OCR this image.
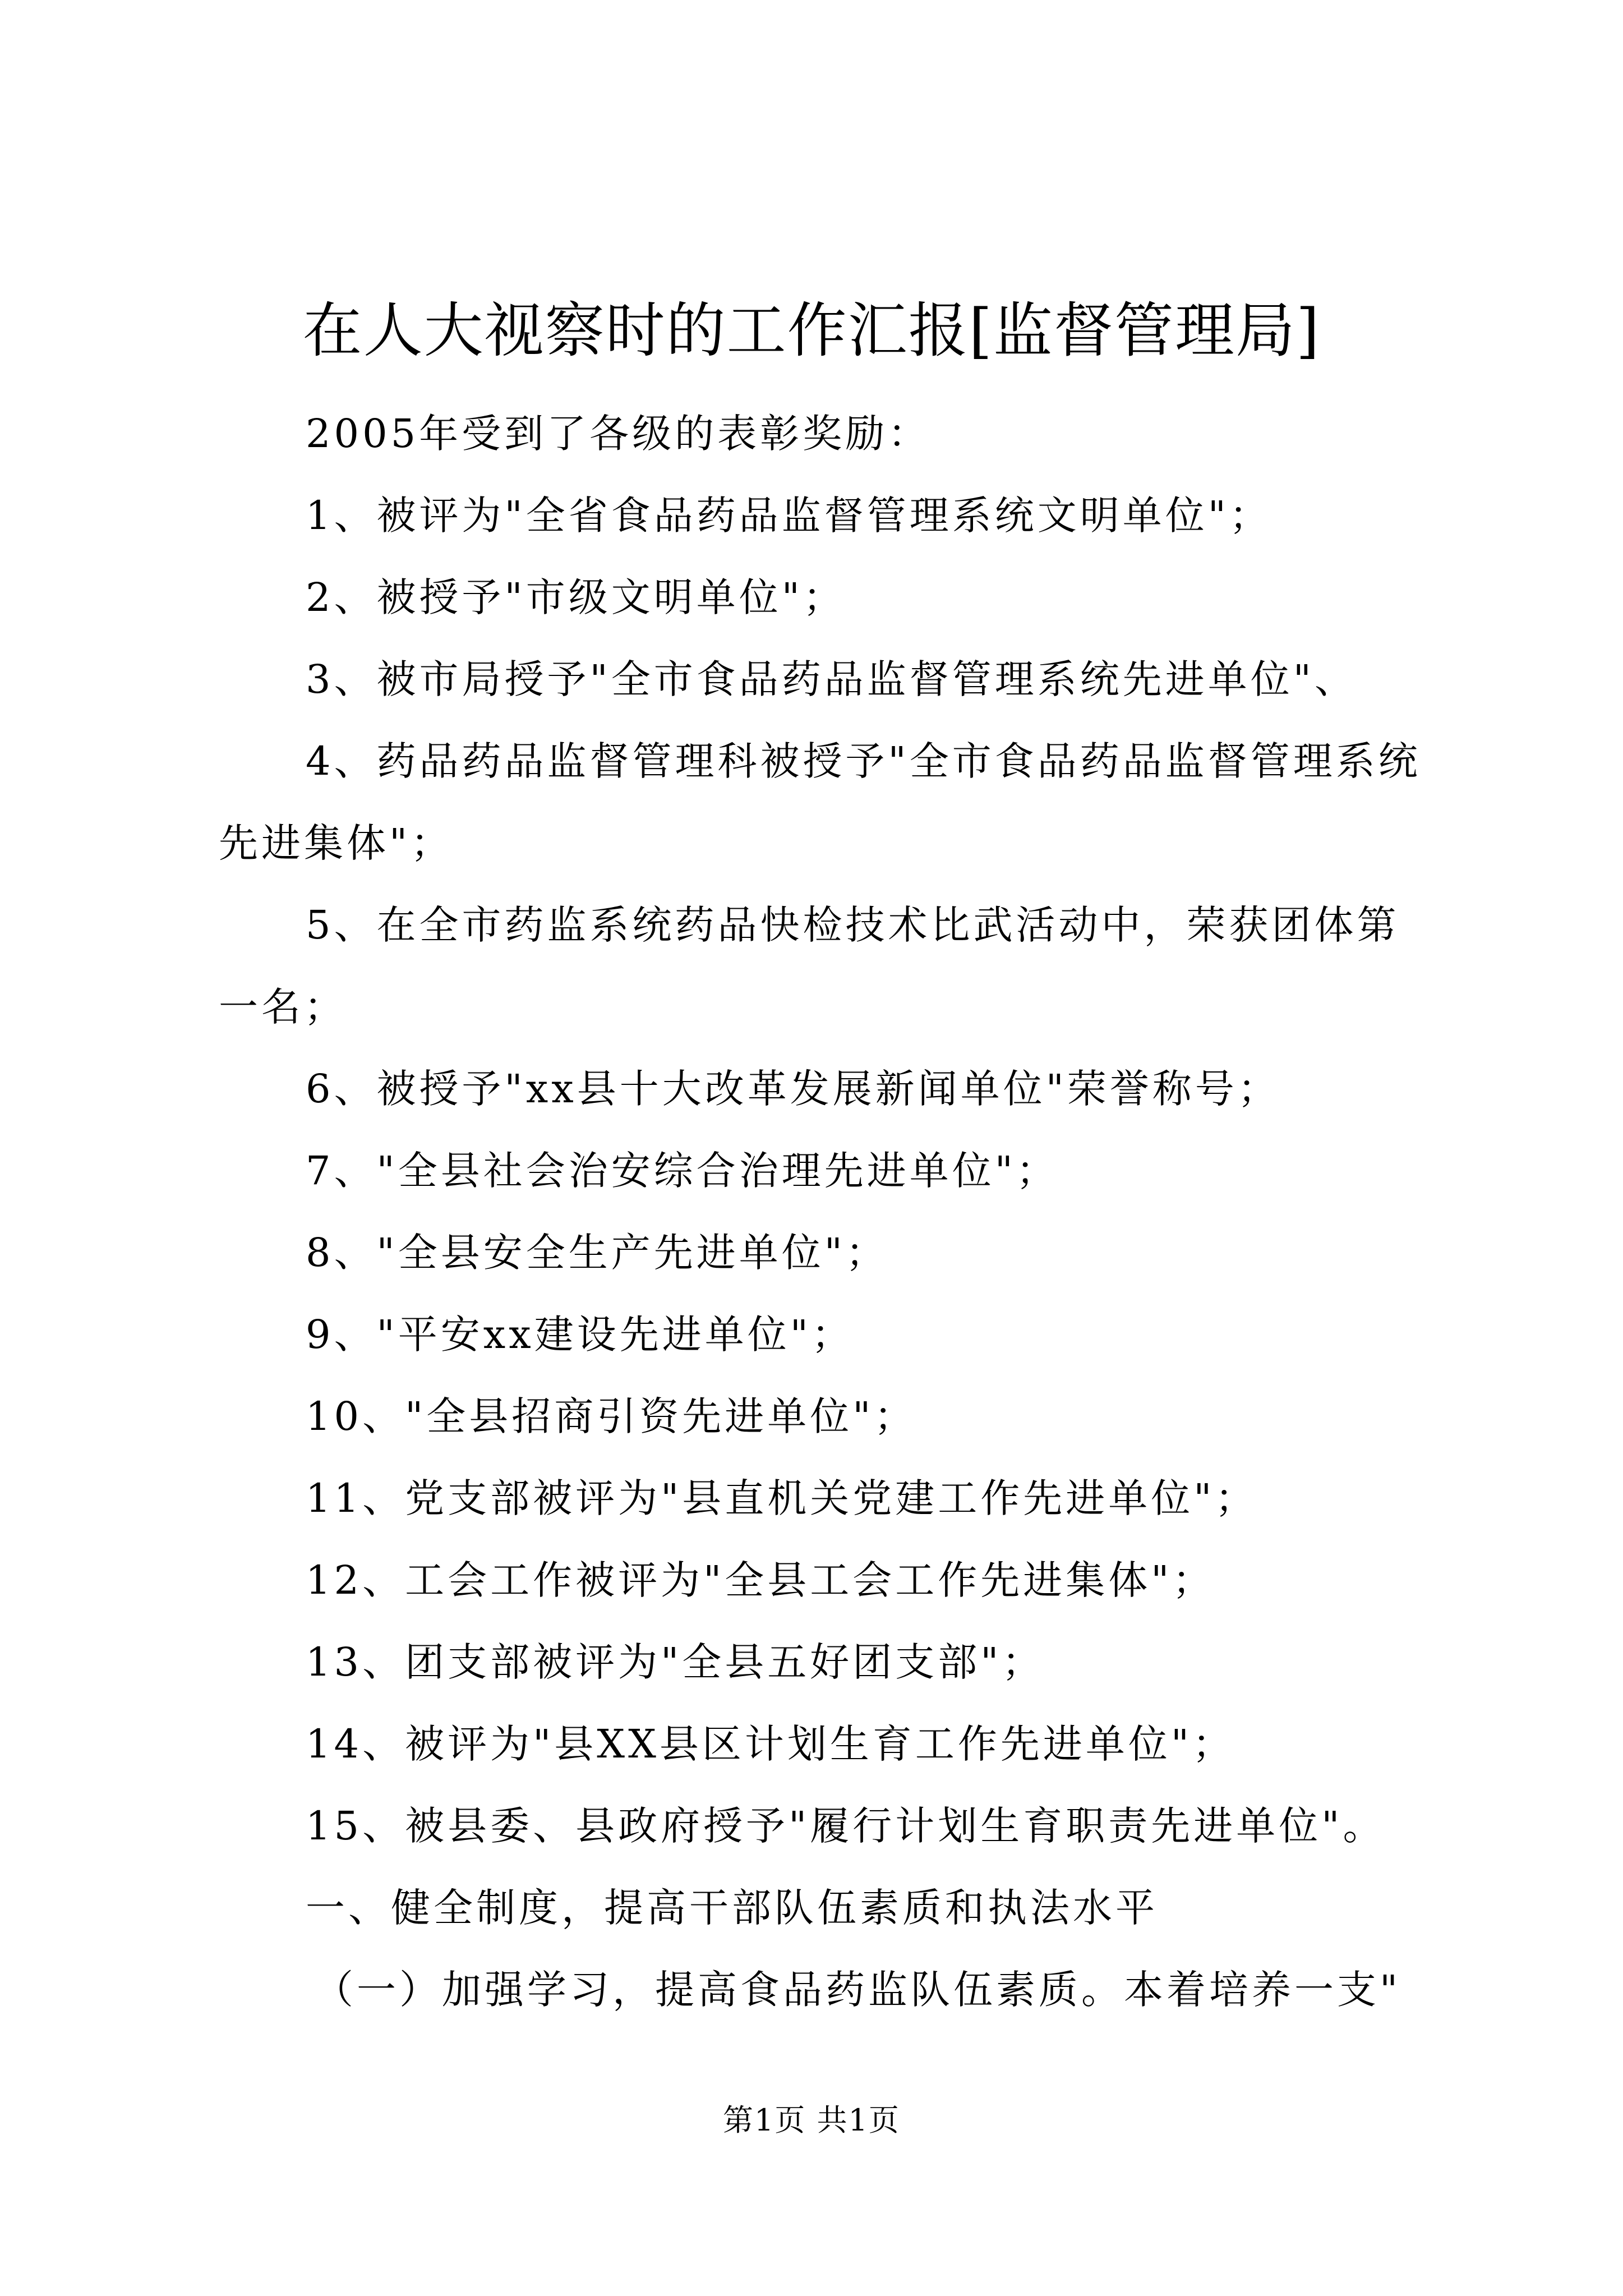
在人大视察时的工作汇报[监督管理局]

2005年受到了各级的表彰奖励：

1、被评为"全省食品药品监督管理系统文明单位"；

2、被授予"市级文明单位"；

3、被市局授予"全市食品药品监督管理系统先进单位"、

4、药品药品监督管理科被授予"全市食品药品监督管理系统先进集体"；

5、在全市药监系统药品快检技术比武活动中，荣获团体第一名；

6、被授予"xx县十大改革发展新闻单位"荣誉称号；

7、"全县社会治安综合治理先进单位"；

8、"全县安全生产先进单位"；

9、"平安xx建设先进单位"；

10、"全县招商引资先进单位"；

11、党支部被评为"县直机关党建工作先进单位"；

12、工会工作被评为"全县工会工作先进集体"；

13、团支部被评为"全县五好团支部"；

14、被评为"县XX县区计划生育工作先进单位"；

15、被县委、县政府授予"履行计划生育职责先进单位"。

一、健全制度，提高干部队伍素质和执法水平

（一）加强学习，提高食品药监队伍素质。本着培养一支"

第1页 共1页
